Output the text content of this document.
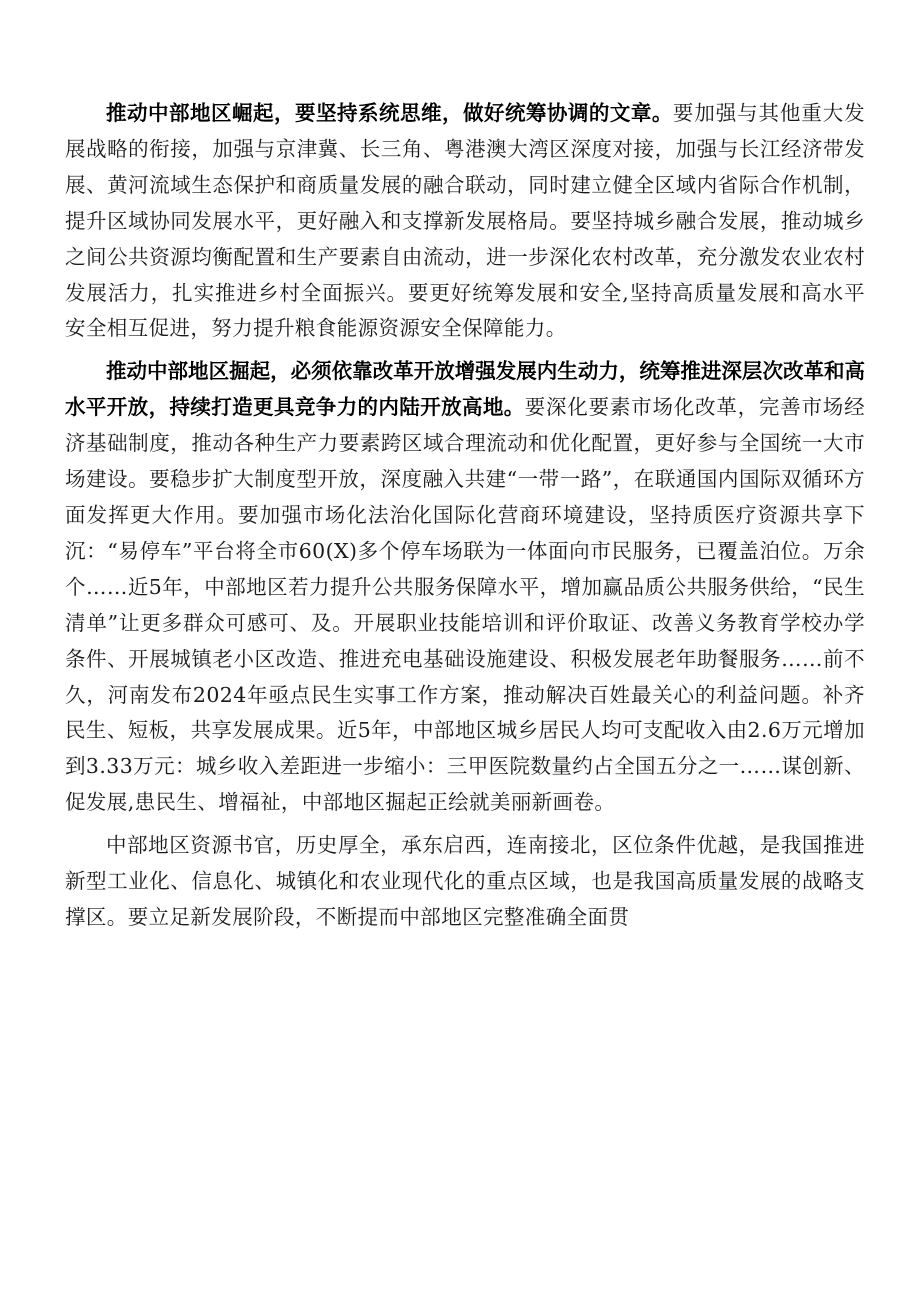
推动中部地区崛起，要坚持系统思维，做好统筹协调的文章。要加强与其他重大发展战略的衔接，加强与京津冀、长三角、粤港澳大湾区深度对接，加强与长江经济带发展、黄河流域生态保护和商质量发展的融合联动，同时建立健全区域内省际合作机制，提升区域协同发展水平，更好融入和支撑新发展格局。要坚持城乡融合发展，推动城乡之间公共资源均衡配置和生产要素自由流动，进一步深化农村改革，充分激发农业农村发展活力，扎实推进乡村全面振兴。要更好统筹发展和安全,坚持高质量发展和高水平安全相互促进，努力提升粮食能源资源安全保障能力。

推动中部地区掘起，必须依靠改革开放增强发展内生动力，统筹推进深层次改革和高水平开放，持续打造更具竞争力的内陆开放高地。要深化要素市场化改革，完善市场经济基础制度，推动各种生产力要素跨区域合理流动和优化配置，更好参与全国统一大市场建设。要稳步扩大制度型开放，深度融入共建“一带一路”，在联通国内国际双循环方面发挥更大作用。要加强市场化法治化国际化营商环境建设，坚持质医疗资源共享下沉：“易停车”平台将全市60(X)多个停车场联为一体面向市民服务，已覆盖泊位。万余个……近5年，中部地区若力提升公共服务保障水平，增加赢品质公共服务供给，“民生清单”让更多群众可感可、及。开展职业技能培训和评价取证、改善义务教育学校办学条件、开展城镇老小区改造、推进充电基础设施建设、积极发展老年助餐服务……前不久，河南发布2024年亟点民生实事工作方案，推动解决百姓最关心的利益问题。补齐民生、短板，共享发展成果。近5年，中部地区城乡居民人均可支配收入由2.6万元增加到3.33万元：城乡收入差距进一步缩小：三甲医院数量约占全国五分之一……谋创新、促发展,患民生、增福祉，中部地区掘起正绘就美丽新画卷。

中部地区资源书官，历史厚全，承东启西，连南接北，区位条件优越，是我国推进新型工业化、信息化、城镇化和农业现代化的重点区域，也是我国高质量发展的战略支撑区。要立足新发展阶段，不断提而中部地区完整准确全面贯
